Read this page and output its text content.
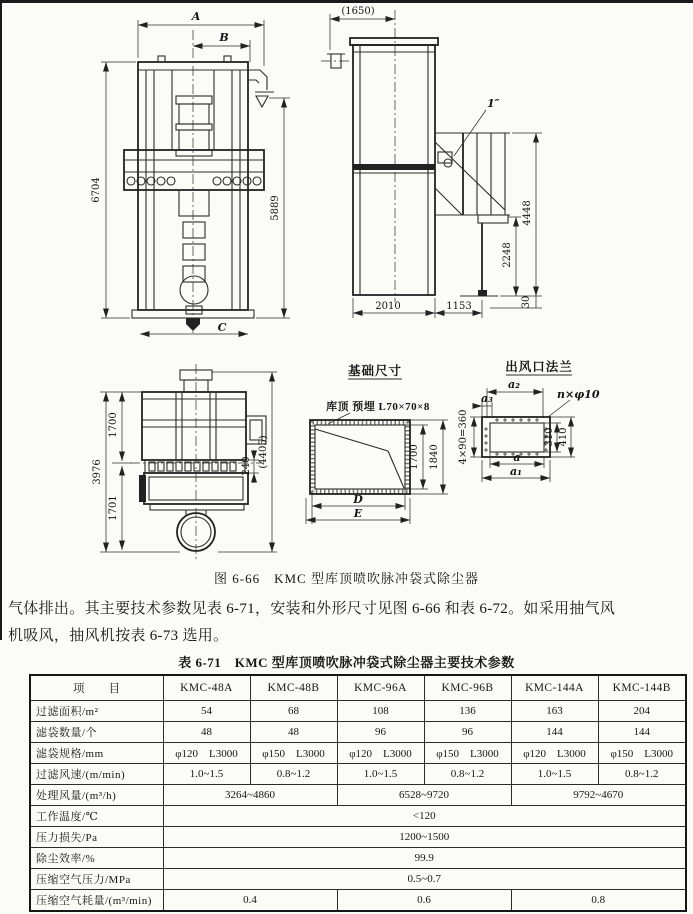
A
B
6704
5889
C
1″
(1650)
4448
2248
30
2010	1153
1700
1701
3976
(4405)
240
基础尺寸
库顶 预埋 L70×70×8
1700 1840
D
E
出风口法兰
a₂
a₃	n×φ10
4×90=360	310 410
a
a₁
图 6-66　KMC 型库顶喷吹脉冲袋式除尘器
气体排出。其主要技术参数见表 6-71，安装和外形尺寸见图 6-66 和表 6-72。如采用抽气风
机吸风，抽风机按表 6-73 选用。
表 6-71　KMC 型库顶喷吹脉冲袋式除尘器主要技术参数
项　　目	KMC-48A	KMC-48B	KMC-96A	KMC-96B	KMC-144A	KMC-144B
过滤面积/m²	54	68	108	136	163	204
滤袋数量/个	48	48	96	96	144	144
滤袋规格/mm	φ120　L3000	φ150　L3000	φ120　L3000	φ150　L3000	φ120　L3000	φ150　L3000
过滤风速/(m/min)	1.0~1.5	0.8~1.2	1.0~1.5	0.8~1.2	1.0~1.5	0.8~1.2
处理风量/(m³/h)	3264~4860		6528~9720		9792~4670	
工作温度/℃	<120					
压力损失/Pa	1200~1500					
除尘效率/%	99.9					
压缩空气压力/MPa	0.5~0.7					
压缩空气耗量/(m³/min)	0.4		0.6		0.8	
